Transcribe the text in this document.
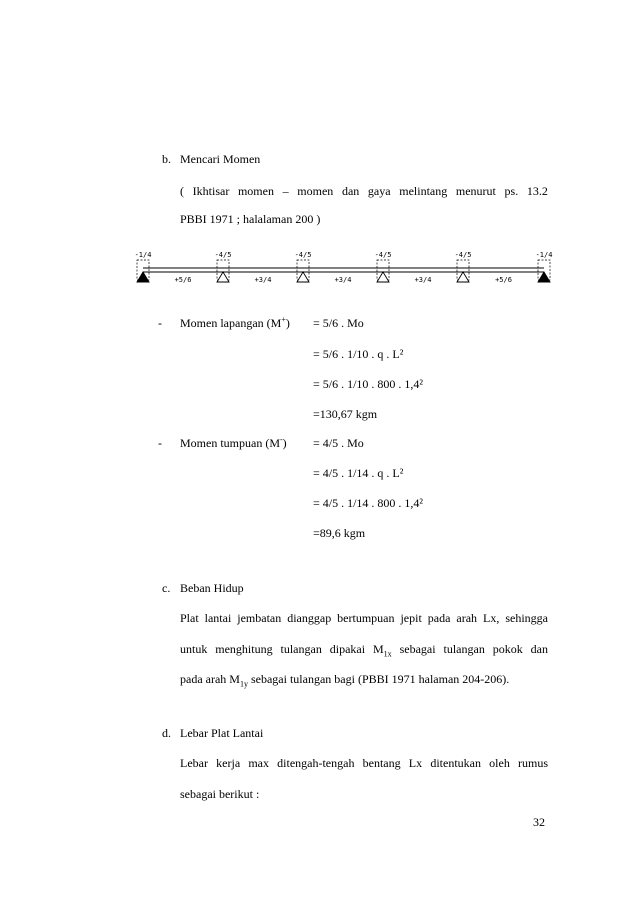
b. Mencari Momen
( Ikhtisar momen – momen dan gaya melintang menurut ps. 13.2
PBBI 1971 ; halalaman 200 )
-1/4	-4/5	-4/5	-4/5	-4/5	-1/4
+5/6	+3/4	+3/4	+3/4	+5/6
- Momen lapangan (M+) = 5/6 . Mo
= 5/6 . 1/10 . q . L²
= 5/6 . 1/10 . 800 . 1,4²
=130,67 kgm
- Momen tumpuan (M-) = 4/5 . Mo
= 4/5 . 1/14 . q . L²
= 4/5 . 1/14 . 800 . 1,4²
=89,6 kgm
c. Beban Hidup
Plat lantai jembatan dianggap bertumpuan jepit pada arah Lx, sehingga
untuk menghitung tulangan dipakai $M_{1x}$ sebagai tulangan pokok dan
pada arah $M_{1y}$ sebagai tulangan bagi (PBBI 1971 halaman 204-206).
d. Lebar Plat Lantai
Lebar kerja max ditengah-tengah bentang Lx ditentukan oleh rumus
sebagai berikut :
32
